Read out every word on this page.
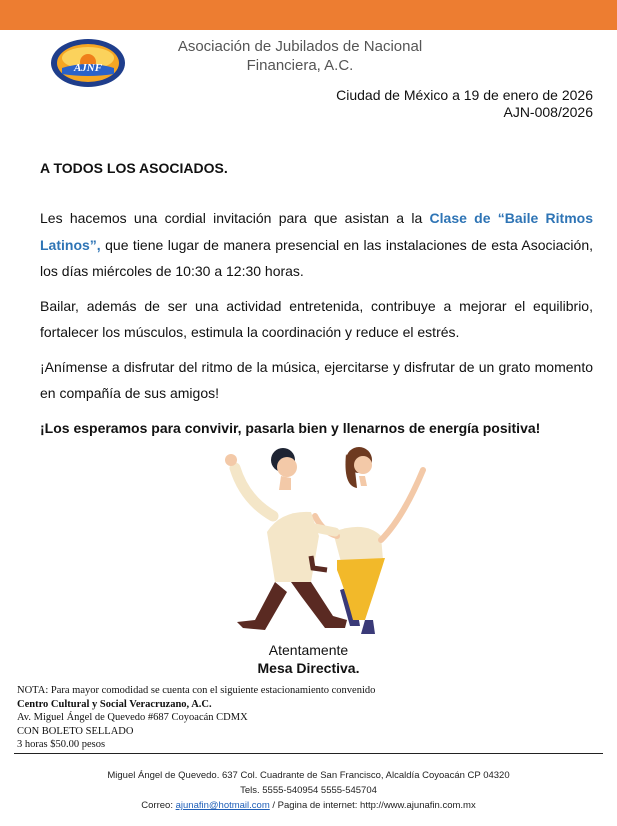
AJNF
Asociación de Jubilados de Nacional
Financiera, A.C.
Ciudad de México a 19 de enero de 2026
AJN-008/2026
A TODOS LOS ASOCIADOS.

Les hacemos una cordial invitación para que asistan a la Clase de “Baile Ritmos Latinos”, que tiene lugar de manera presencial en las instalaciones de esta Asociación, los días miércoles de 10:30 a 12:30 horas.

Bailar, además de ser una actividad entretenida, contribuye a mejorar el equilibrio, fortalecer los músculos, estimula la coordinación y reduce el estrés.

¡Anímense a disfrutar del ritmo de la música, ejercitarse y disfrutar de un grato momento en compañía de sus amigos!

¡Los esperamos para convivir, pasarla bien y llenarnos de energía positiva!

Atentamente
Mesa Directiva.
NOTA: Para mayor comodidad se cuenta con el siguiente estacionamiento convenido
Centro Cultural y Social Veracruzano, A.C.
Av. Miguel Ángel de Quevedo #687 Coyoacán CDMX
CON BOLETO SELLADO
3 horas $50.00 pesos
Miguel Ángel de Quevedo. 637 Col. Cuadrante de San Francisco, Alcaldía Coyoacán CP 04320
Tels. 5555-540954 5555-545704
Correo: ajunafin@hotmail.com / Pagina de internet: http://www.ajunafin.com.mx
